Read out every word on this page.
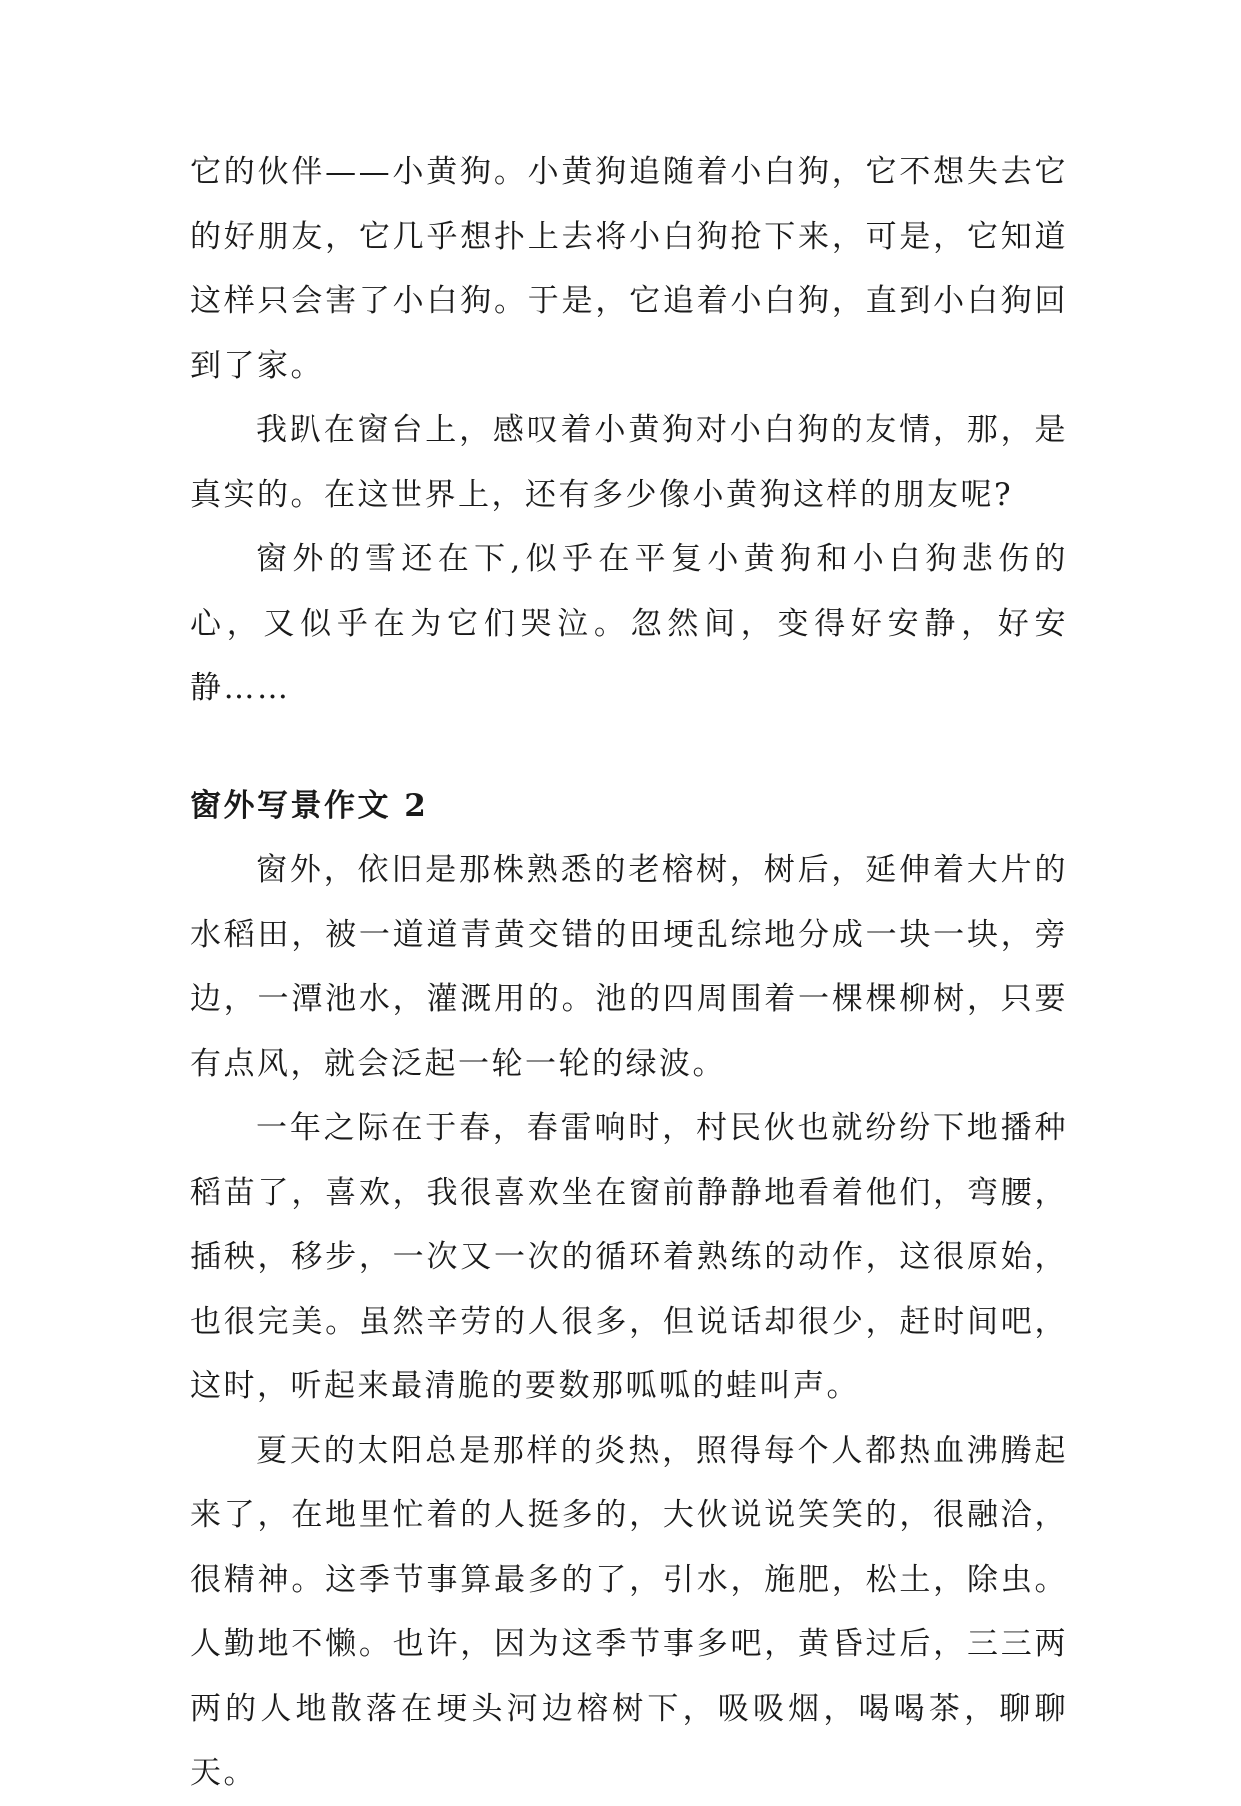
它的伙伴——小黄狗。小黄狗追随着小白狗，它不想失去它的好朋友，它几乎想扑上去将小白狗抢下来，可是，它知道这样只会害了小白狗。于是，它追着小白狗，直到小白狗回到了家。

我趴在窗台上，感叹着小黄狗对小白狗的友情，那，是真实的。在这世界上，还有多少像小黄狗这样的朋友呢?

窗外的雪还在下,似乎在平复小黄狗和小白狗悲伤的心，又似乎在为它们哭泣。忽然间，变得好安静，好安静……

窗外写景作文 2

窗外，依旧是那株熟悉的老榕树，树后，延伸着大片的水稻田，被一道道青黄交错的田埂乱综地分成一块一块，旁边，一潭池水，灌溉用的。池的四周围着一棵棵柳树，只要有点风，就会泛起一轮一轮的绿波。

一年之际在于春，春雷响时，村民伙也就纷纷下地播种稻苗了，喜欢，我很喜欢坐在窗前静静地看着他们，弯腰，插秧，移步，一次又一次的循环着熟练的动作，这很原始，也很完美。虽然辛劳的人很多，但说话却很少，赶时间吧，这时，听起来最清脆的要数那呱呱的蛙叫声。

夏天的太阳总是那样的炎热，照得每个人都热血沸腾起来了，在地里忙着的人挺多的，大伙说说笑笑的，很融洽，很精神。这季节事算最多的了，引水，施肥，松土，除虫。人勤地不懒。也许，因为这季节事多吧，黄昏过后，三三两两的人地散落在埂头河边榕树下，吸吸烟，喝喝茶，聊聊天。
